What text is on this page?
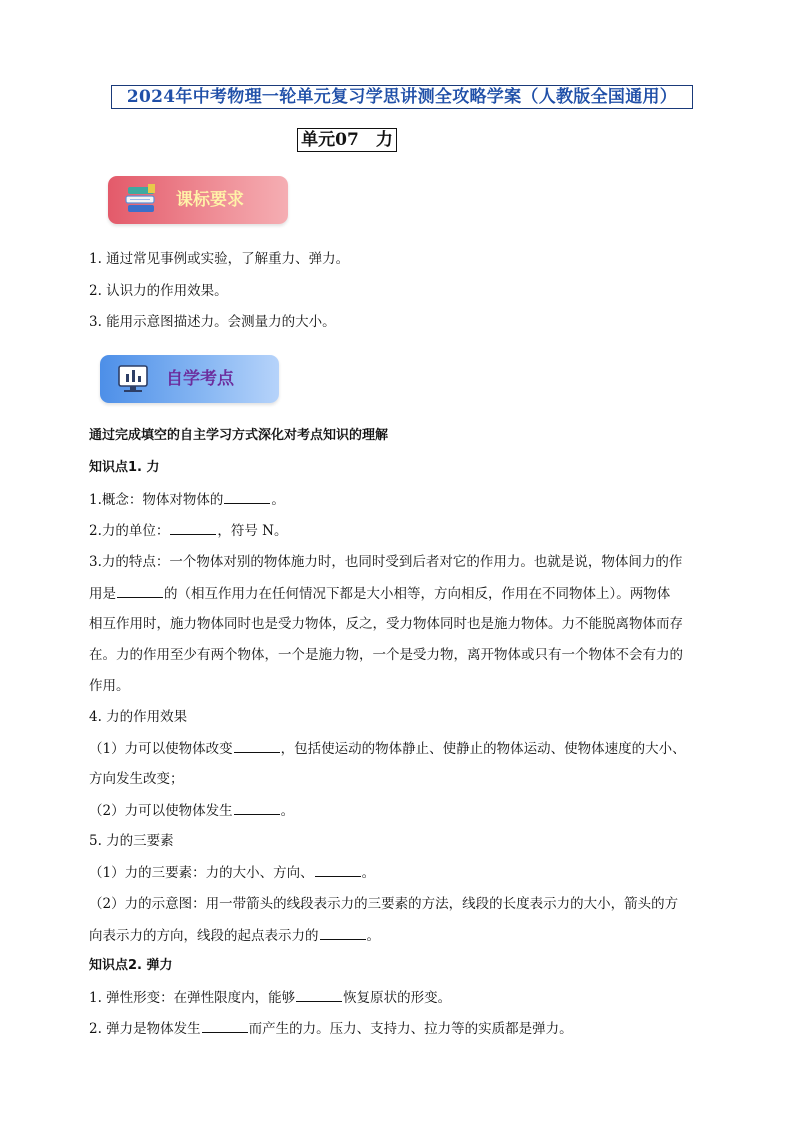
2024年中考物理一轮单元复习学思讲测全攻略学案（人教版全国通用）
单元07　力
课标要求
1. 通过常见事例或实验，了解重力、弹力。
2. 认识力的作用效果。
3. 能用示意图描述力。会测量力的大小。
自学考点
通过完成填空的自主学习方式深化对考点知识的理解
知识点1. 力
1.概念：物体对物体的	。
2.力的单位：	，符号 N。
3.力的特点：一个物体对别的物体施力时，也同时受到后者对它的作用力。也就是说，物体间力的作
用是	的（相互作用力在任何情况下都是大小相等，方向相反，作用在不同物体上）。两物体
相互作用时，施力物体同时也是受力物体，反之，受力物体同时也是施力物体。力不能脱离物体而存
在。力的作用至少有两个物体，一个是施力物，一个是受力物，离开物体或只有一个物体不会有力的
作用。
4. 力的作用效果
（1）力可以使物体改变	，包括使运动的物体静止、使静止的物体运动、使物体速度的大小、
方向发生改变；
（2）力可以使物体发生	。
5. 力的三要素
（1）力的三要素：力的大小、方向、	。
（2）力的示意图：用一带箭头的线段表示力的三要素的方法，线段的长度表示力的大小，箭头的方
向表示力的方向，线段的起点表示力的	。
知识点2. 弹力
1. 弹性形变：在弹性限度内，能够	恢复原状的形变。
2. 弹力是物体发生	而产生的力。压力、支持力、拉力等的实质都是弹力。
